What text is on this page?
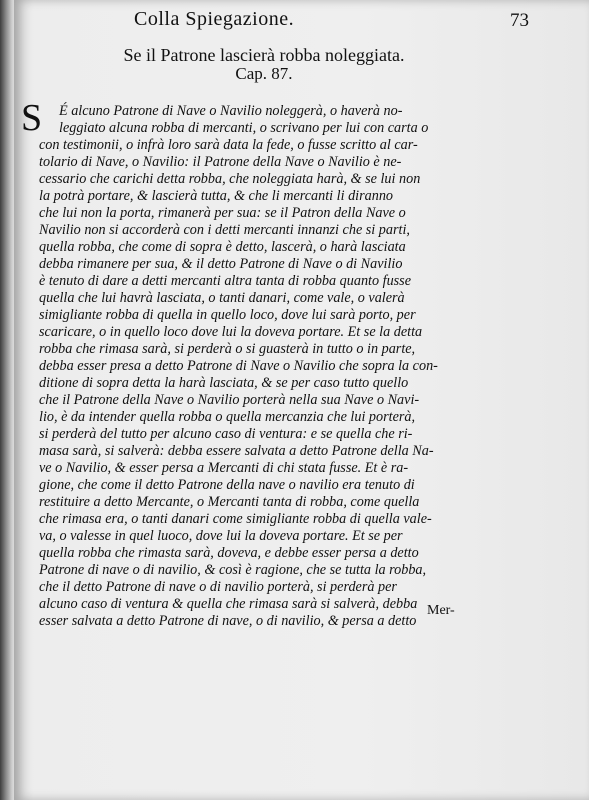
Colla Spiegazione.	73
Se il Patrone lascierà robba noleggiata.
Cap. 87.
S	É alcuno Patrone di Nave o Navilio noleggerà, o haverà no-
leggiato alcuna robba di mercanti, o scrivano per lui con carta o
con testimonii, o infrà loro sarà data la fede, o fusse scritto al car-
tolario di Nave, o Navilio: il Patrone della Nave o Navilio è ne-
cessario che carichi detta robba, che noleggiata harà, & se lui non
la potrà portare, & lascierà tutta, & che li mercanti li diranno
che lui non la porta, rimanerà per sua: se il Patron della Nave o
Navilio non si accorderà con i detti mercanti innanzi che si parti,
quella robba, che come di sopra è detto, lascerà, o harà lasciata
debba rimanere per sua, & il detto Patrone di Nave o di Navilio
è tenuto di dare a detti mercanti altra tanta di robba quanto fusse
quella che lui havrà lasciata, o tanti danari, come vale, o valerà
simigliante robba di quella in quello loco, dove lui sarà porto, per
scaricare, o in quello loco dove lui la doveva portare. Et se la detta
robba che rimasa sarà, si perderà o si guasterà in tutto o in parte,
debba esser presa a detto Patrone di Nave o Navilio che sopra la con-
ditione di sopra detta la harà lasciata, & se per caso tutto quello
che il Patrone della Nave o Navilio porterà nella sua Nave o Navi-
lio, è da intender quella robba o quella mercanzia che lui porterà,
si perderà del tutto per alcuno caso di ventura: e se quella che ri-
masa sarà, si salverà: debba essere salvata a detto Patrone della Na-
ve o Navilio, & esser persa a Mercanti di chi stata fusse. Et è ra-
gione, che come il detto Patrone della nave o navilio era tenuto di
restituire a detto Mercante, o Mercanti tanta di robba, come quella
che rimasa era, o tanti danari come simigliante robba di quella vale-
va, o valesse in quel luoco, dove lui la doveva portare. Et se per
quella robba che rimasta sarà, doveva, e debbe esser persa a detto
Patrone di nave o di navilio, & così è ragione, che se tutta la robba,
che il detto Patrone di nave o di navilio porterà, si perderà per
alcuno caso di ventura & quella che rimasa sarà si salverà, debba
esser salvata a detto Patrone di nave, o di navilio, & persa a detto
Mer-
